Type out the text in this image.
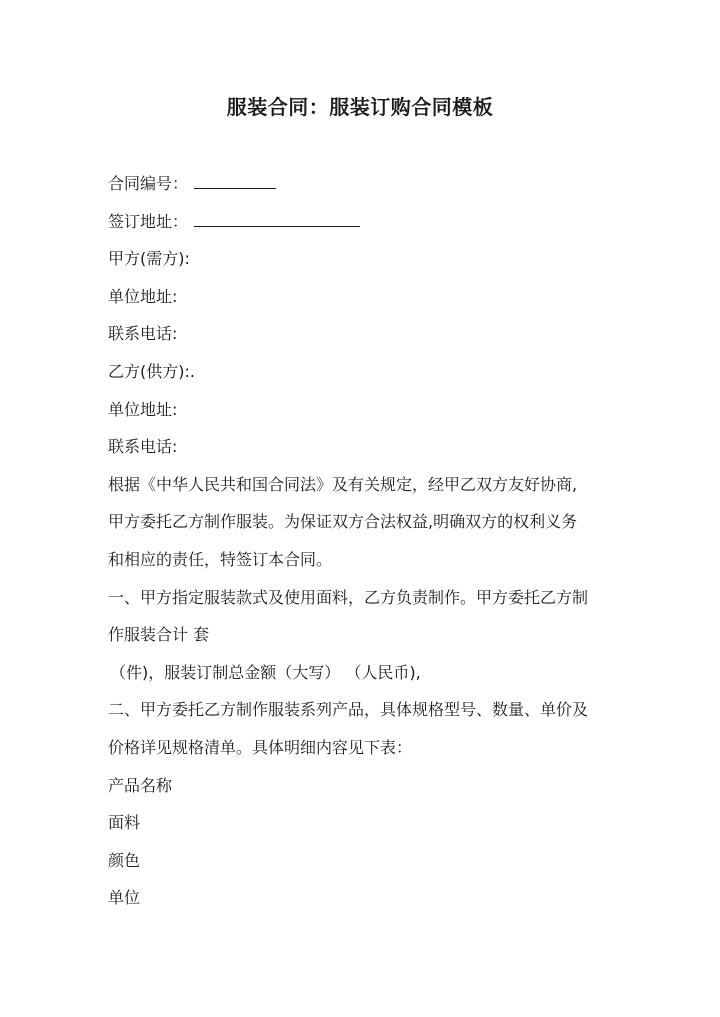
服装合同：服装订购合同模板
合同编号：
签订地址：
甲方(需方):
单位地址:
联系电话:
乙方(供方):.
单位地址:
联系电话:
根据《中华人民共和国合同法》及有关规定，经甲乙双方友好协商,
甲方委托乙方制作服装。为保证双方合法权益,明确双方的权利义务
和相应的责任，特签订本合同。
一、甲方指定服装款式及使用面料，乙方负责制作。甲方委托乙方制
作服装合计 套
（件)，服装订制总金额（大写） （人民币),
二、甲方委托乙方制作服装系列产品，具体规格型号、数量、单价及
价格详见规格清单。具体明细内容见下表：
产品名称
面料
颜色
单位
